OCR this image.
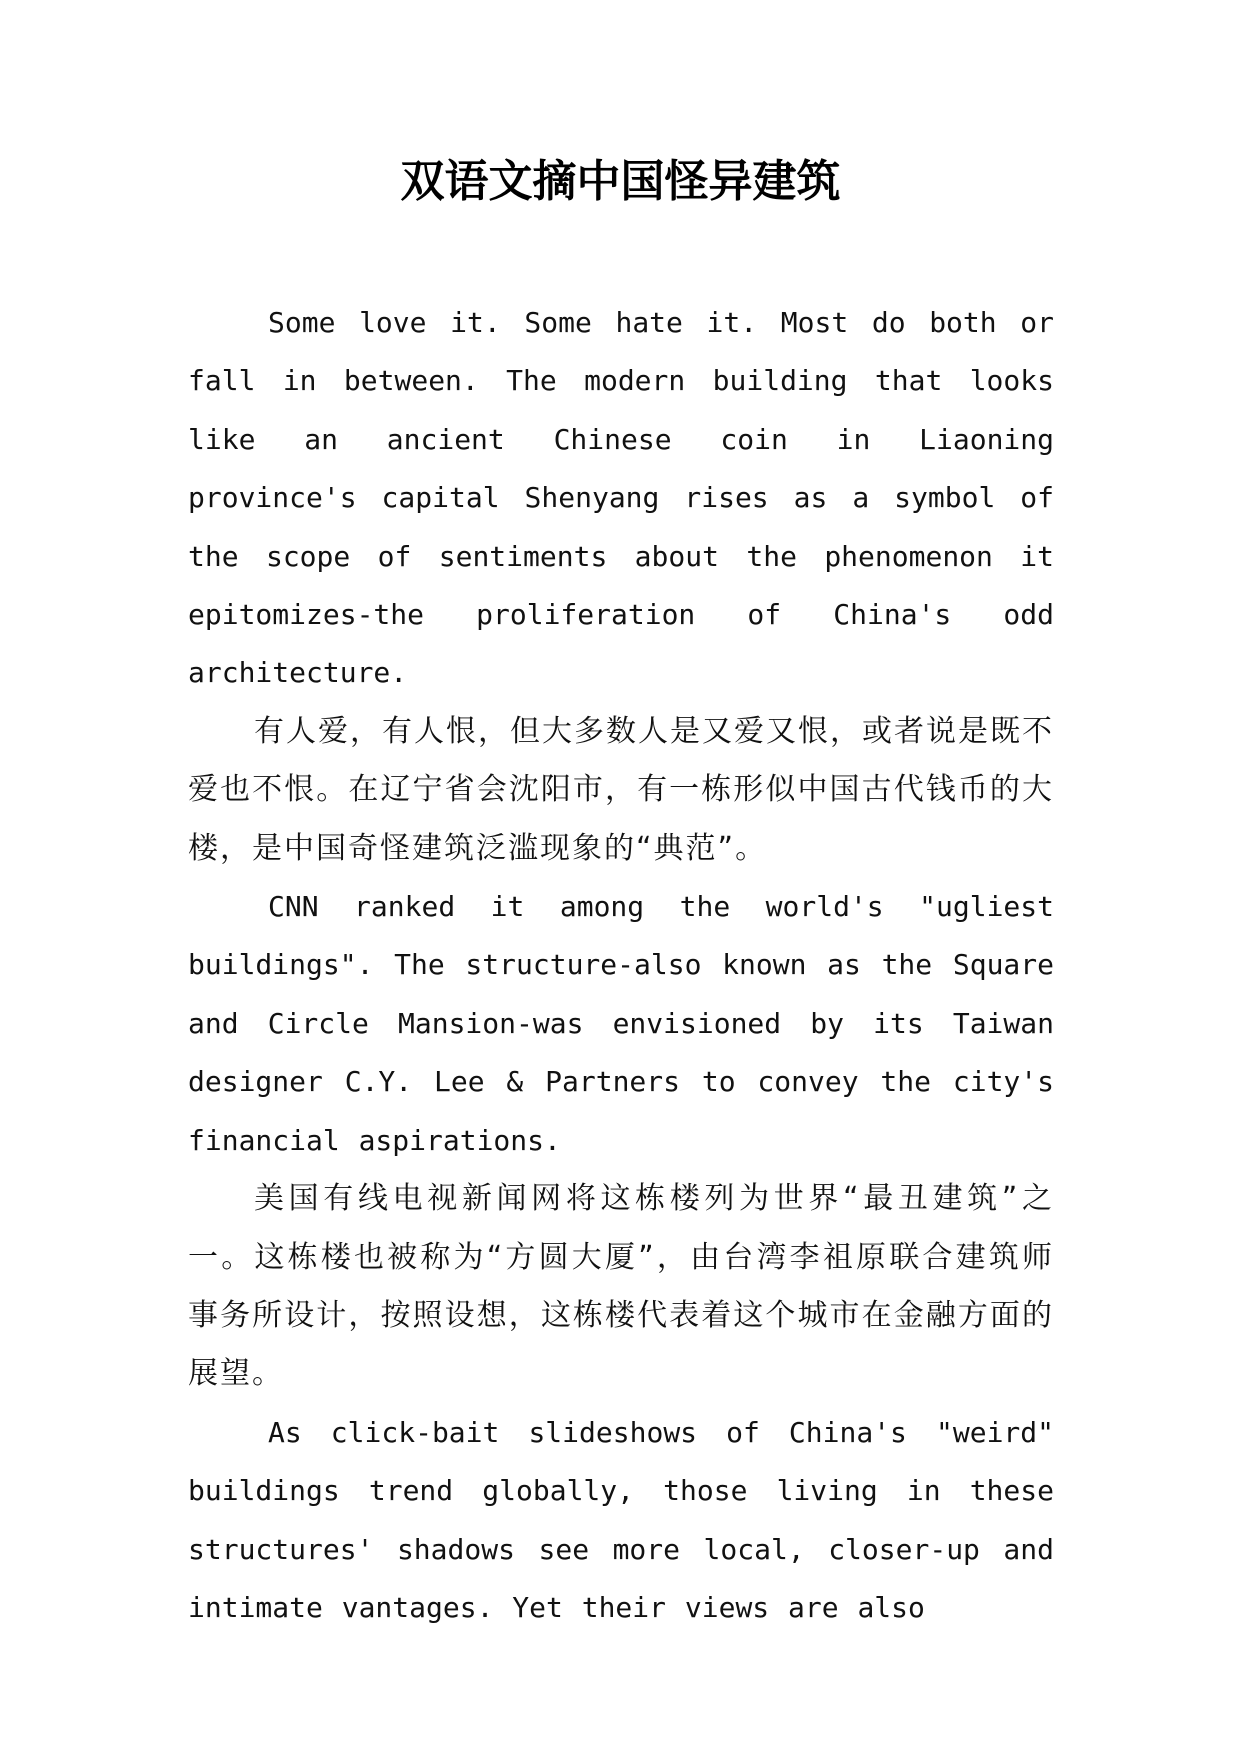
双语文摘中国怪异建筑

Some love it. Some hate it. Most do both or fall in between. The modern building that looks like an ancient Chinese coin in Liaoning province's capital Shenyang rises as a symbol of the scope of sentiments about the phenomenon it epitomizes-the proliferation of China's odd architecture.

有人爱，有人恨，但大多数人是又爱又恨，或者说是既不爱也不恨。在辽宁省会沈阳市，有一栋形似中国古代钱币的大楼，是中国奇怪建筑泛滥现象的“典范”。

CNN ranked it among the world's "ugliest buildings". The structure-also known as the Square and Circle Mansion-was envisioned by its Taiwan designer C.Y. Lee & Partners to convey the city's financial aspirations.

美国有线电视新闻网将这栋楼列为世界“最丑建筑”之一。这栋楼也被称为“方圆大厦”，由台湾李祖原联合建筑师事务所设计，按照设想，这栋楼代表着这个城市在金融方面的展望。

As click-bait slideshows of China's "weird" buildings trend globally, those living in these structures' shadows see more local, closer-up and intimate vantages. Yet their views are also
